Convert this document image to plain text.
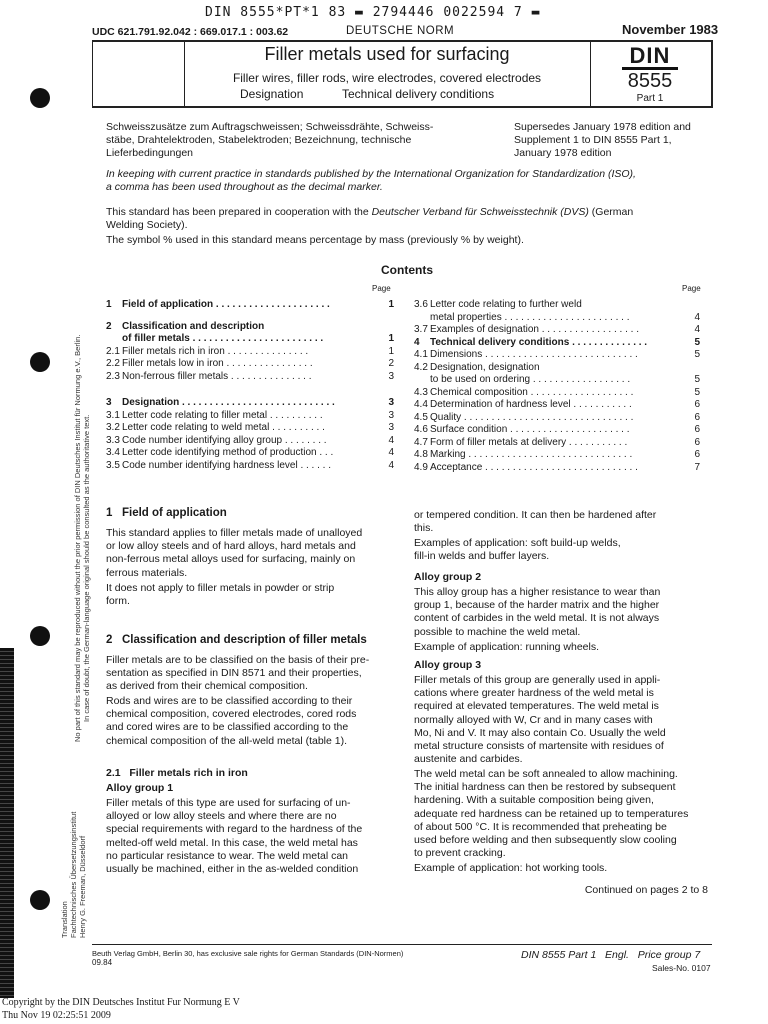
DIN 8555*PT*1 83 ▬ 2794446 0022594 7 ▬
UDC 621.791.92.042 : 669.017.1 : 003.62	DEUTSCHE NORM	November 1983
Filler metals used for surfacing
Filler wires, filler rods, wire electrodes, covered electrodes
Designation	Technical delivery conditions
DIN
8555
Part 1
Schweisszusätze zum Auftragschweissen; Schweissdrähte, Schweiss-
stäbe, Drahtelektroden, Stabelektroden; Bezeichnung, technische
Lieferbedingungen
Supersedes January 1978 edition and
Supplement 1 to DIN 8555 Part 1,
January 1978 edition
In keeping with current practice in standards published by the International Organization for Standardization (ISO),
a comma has been used throughout as the decimal marker.
This standard has been prepared in cooperation with the Deutscher Verband für Schweisstechnik (DVS) (German
Welding Society).
The symbol % used in this standard means percentage by mass (previously % by weight).
Contents
Page	Page
1 Field of application . . . . . . . . . . . . . . . . . . . . .	1
2 Classification and description
of filler metals . . . . . . . . . . . . . . . . . . . . . . . .	1
2.1 Filler metals rich in iron . . . . . . . . . . . . . . .	1
2.2 Filler metals low in iron . . . . . . . . . . . . . . . .	2
2.3 Non-ferrous filler metals . . . . . . . . . . . . . . .	3
3 Designation . . . . . . . . . . . . . . . . . . . . . . . . . . . .	3
3.1 Letter code relating to filler metal . . . . . . . . . .	3
3.2 Letter code relating to weld metal . . . . . . . . . .	3
3.3 Code number identifying alloy group . . . . . . . .	4
3.4 Letter code identifying method of production . . .	4
3.5 Code number identifying hardness level . . . . . .	4
3.6 Letter code relating to further weld
metal properties . . . . . . . . . . . . . . . . . . . . . . .	4
3.7 Examples of designation . . . . . . . . . . . . . . . . . .	4
4 Technical delivery conditions . . . . . . . . . . . . . .	5
4.1 Dimensions . . . . . . . . . . . . . . . . . . . . . . . . . . . .	5
4.2 Designation, designation
to be used on ordering . . . . . . . . . . . . . . . . . .	5
4.3 Chemical composition . . . . . . . . . . . . . . . . . . .	5
4.4 Determination of hardness level . . . . . . . . . . .	6
4.5 Quality . . . . . . . . . . . . . . . . . . . . . . . . . . . . . . .	6
4.6 Surface condition . . . . . . . . . . . . . . . . . . . . . .	6
4.7 Form of filler metals at delivery . . . . . . . . . . .	6
4.8 Marking . . . . . . . . . . . . . . . . . . . . . . . . . . . . . .	6
4.9 Acceptance . . . . . . . . . . . . . . . . . . . . . . . . . . . .	7
1 Field of application
This standard applies to filler metals made of unalloyed
or low alloy steels and of hard alloys, hard metals and
non-ferrous metal alloys used for surfacing, mainly on
ferrous materials.
It does not apply to filler metals in powder or strip
form.
2 Classification and description of filler metals
Filler metals are to be classified on the basis of their pre-
sentation as specified in DIN 8571 and their properties,
as derived from their chemical composition.
Rods and wires are to be classified according to their
chemical composition, covered electrodes, cored rods
and cored wires are to be classified according to the
chemical composition of the all-weld metal (table 1).
2.1 Filler metals rich in iron
Alloy group 1
Filler metals of this type are used for surfacing of un-
alloyed or low alloy steels and where there are no
special requirements with regard to the hardness of the
melted-off weld metal. In this case, the weld metal has
no particular resistance to wear. The weld metal can
usually be machined, either in the as-welded condition
or tempered condition. It can then be hardened after
this.
Examples of application: soft build-up welds,
fill-in welds and buffer layers.
Alloy group 2
This alloy group has a higher resistance to wear than
group 1, because of the harder matrix and the higher
content of carbides in the weld metal. It is not always
possible to machine the weld metal.
Example of application: running wheels.
Alloy group 3
Filler metals of this group are generally used in appli-
cations where greater hardness of the weld metal is
required at elevated temperatures. The weld metal is
normally alloyed with W, Cr and in many cases with
Mo, Ni and V. It may also contain Co. Usually the weld
metal structure consists of martensite with residues of
austenite and carbides.
The weld metal can be soft annealed to allow machining.
The initial hardness can then be restored by subsequent
hardening. With a suitable composition being given,
adequate red hardness can be retained up to temperatures
of about 500 °C. It is recommended that preheating be
used before welding and then subsequently slow cooling
to prevent cracking.
Example of application: hot working tools.
Continued on pages 2 to 8
No part of this standard may be reproduced without the prior permission of DIN Deutsches Institut für Normung e.V., Berlin. In case of doubt, the German-language original should be consulted as the authoritative text.
Translation Fachtechnisches Übersetzungsinstitut Henry G. Freeman, Düsseldorf
Beuth Verlag GmbH, Berlin 30, has exclusive sale rights for German Standards (DIN-Normen)
09.84
DIN 8555 Part 1   Engl.   Price group 7
Sales-No. 0107
Copyright by the DIN Deutsches Institut Fur Normung E V
Thu Nov 19 02:25:51 2009
